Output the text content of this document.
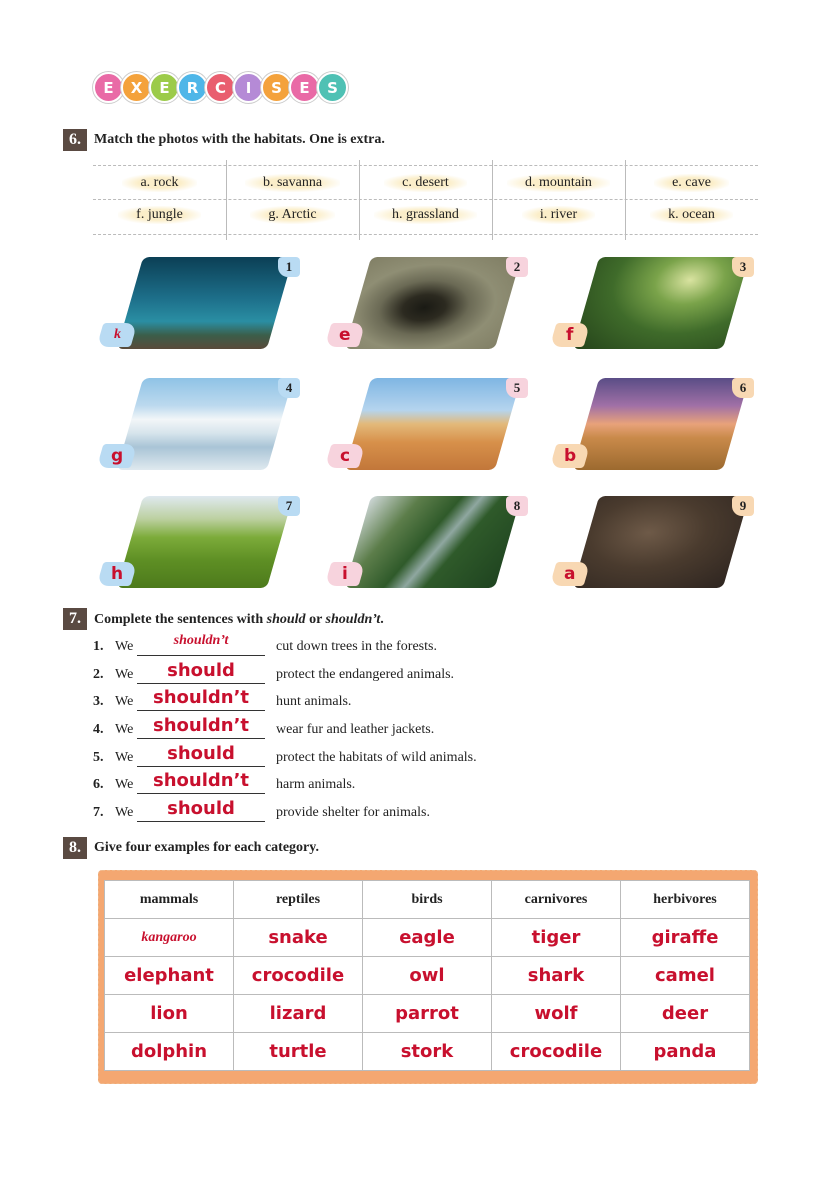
E	X	E	R	C	I	S	E	S
6. Match the photos with the habitats. One is extra.
a. rock	b. savanna	c. desert	d. mountain	e. cave
f. jungle	g. Arctic	h. grassland	i. river	k. ocean
1
k
2
e
3
f
4
g
5
c
6
b
7
h
8
i
9
a
7. Complete the sentences with should or shouldn’t.
1. We	shouldn’t	cut down trees in the forests.
2. We	should	protect the endangered animals.
3. We	shouldn’t	hunt animals.
4. We	shouldn’t	wear fur and leather jackets.
5. We	should	protect the habitats of wild animals.
6. We	shouldn’t	harm animals.
7. We	should	provide shelter for animals.
8. Give four examples for each category.
mammals	reptiles	birds	carnivores	herbivores
kangaroo	snake	eagle	tiger	giraffe
elephant	crocodile	owl	shark	camel
lion	lizard	parrot	wolf	deer
dolphin	turtle	stork	crocodile	panda
